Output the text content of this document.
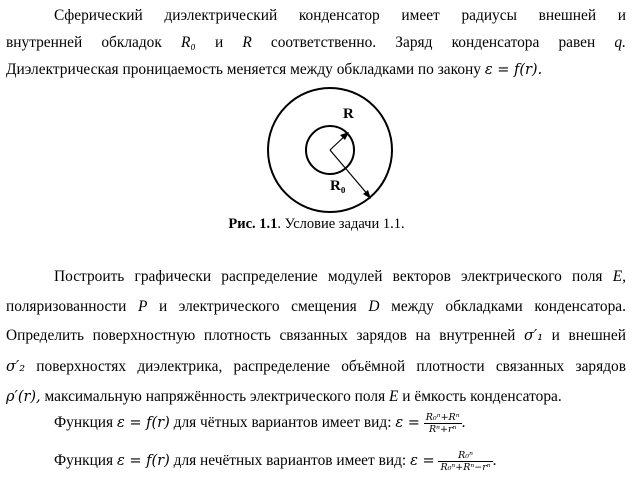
Сферический диэлектрический конденсатор имеет радиусы внешней и
внутренней обкладок R₀ и R соответственно. Заряд конденсатора равен q.
Диэлектрическая проницаемость меняется между обкладками по закону ε = f(r).
R
R₀
Рис. 1.1. Условие задачи 1.1.
Построить графически распределение модулей векторов электрического поля E,
поляризованности P и электрического смещения D между обкладками конденсатора.
Определить поверхностную плотность связанных зарядов на внутренней σ′₁ и внешней
σ′₂ поверхностях диэлектрика, распределение объёмной плотности связанных зарядов
ρ′(r), максимальную напряжённость электрического поля E и ёмкость конденсатора.
Функция ε = f(r) для чётных вариантов имеет вид: $\varepsilon = \frac{\text{R₀ⁿ+Rⁿ}}{\text{Rⁿ+rⁿ}}$ .
Функция ε = f(r) для нечётных вариантов имеет вид: $\varepsilon = \frac{\text{R₀ⁿ}}{\text{R₀ⁿ+Rⁿ−rⁿ}}$ .
